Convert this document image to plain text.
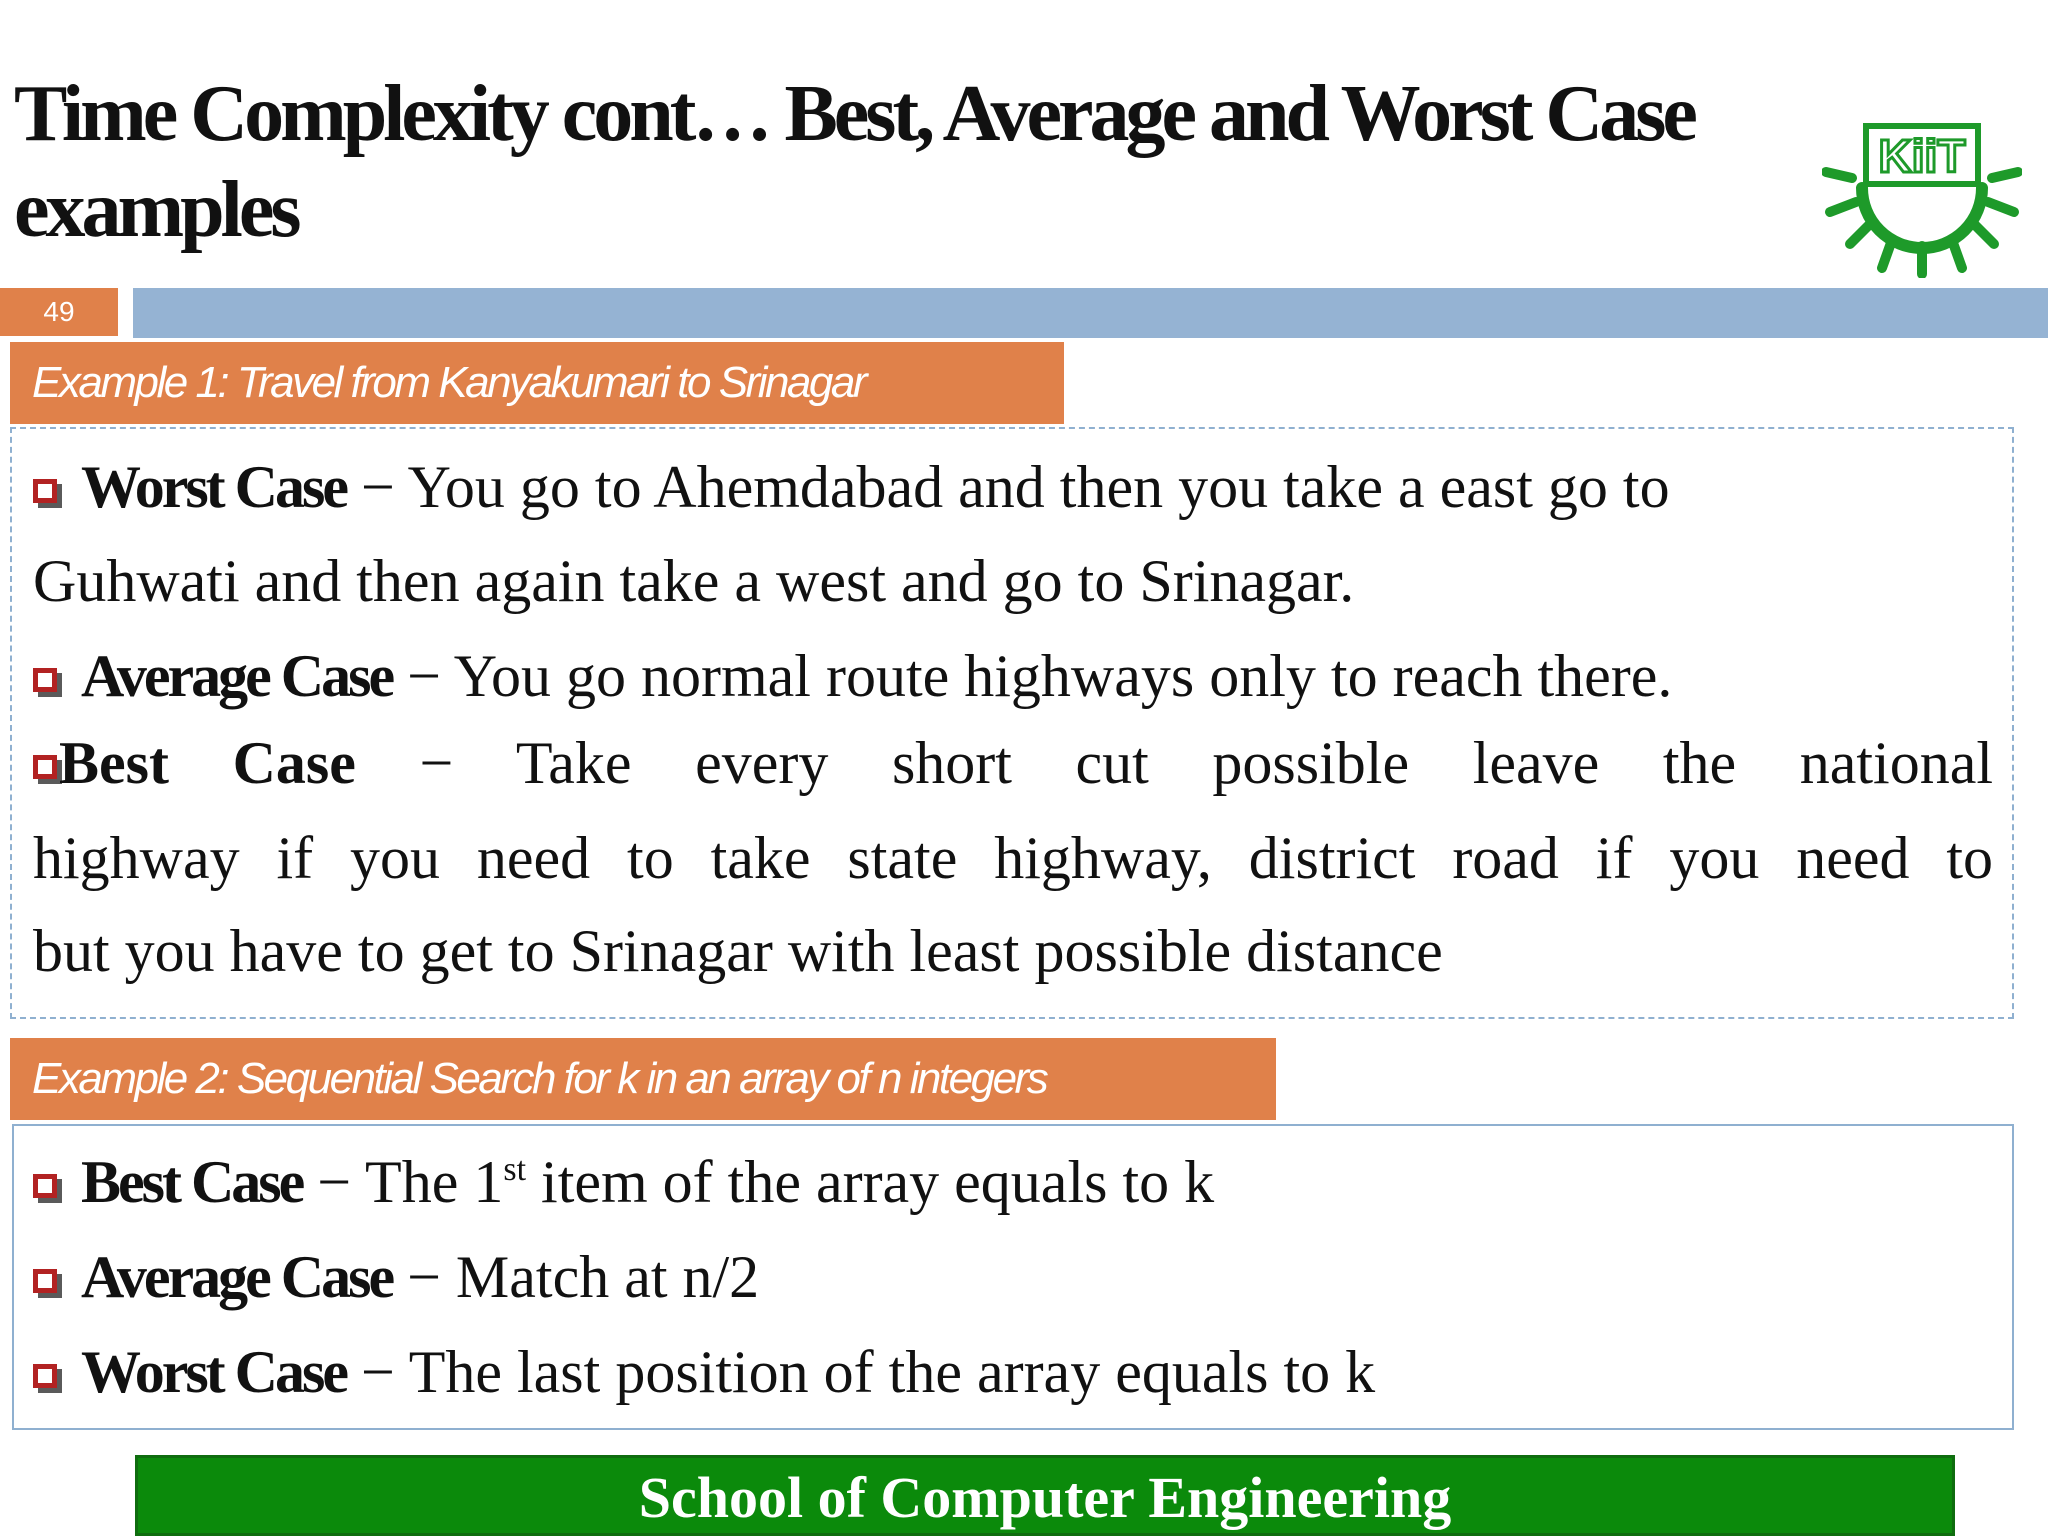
Time Complexity cont… Best, Average and Worst Case examples
KiiT
49
Example 1: Travel from Kanyakumari to Srinagar
Worst Case − You go to Ahemdabad and then you take a east go to
Guhwati and then again take a west and go to Srinagar.
Average Case − You go normal route highways only to reach there.
Best Case − Take every short cut possible leave the national
highway if you need to take state highway, district road if you need to
but you have to get to Srinagar with least possible distance
Example 2: Sequential Search for k in an array of n integers
Best Case − The 1st item of the array equals to k
Average Case − Match at n/2
Worst Case − The last position of the array equals to k
School of Computer Engineering
